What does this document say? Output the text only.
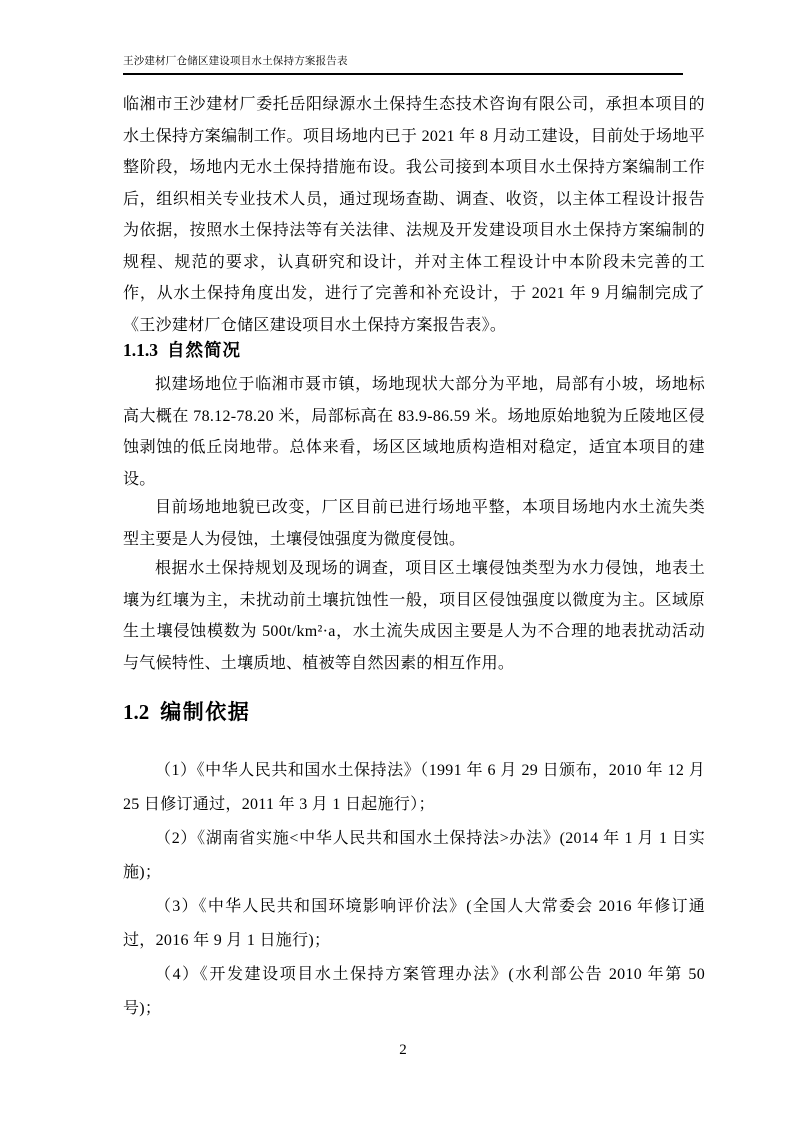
王沙建材厂仓储区建设项目水土保持方案报告表

临湘市王沙建材厂委托岳阳绿源水土保持生态技术咨询有限公司，承担本项目的水土保持方案编制工作。项目场地内已于 2021 年 8 月动工建设，目前处于场地平整阶段，场地内无水土保持措施布设。我公司接到本项目水土保持方案编制工作后，组织相关专业技术人员，通过现场查勘、调查、收资，以主体工程设计报告为依据，按照水土保持法等有关法律、法规及开发建设项目水土保持方案编制的规程、规范的要求，认真研究和设计，并对主体工程设计中本阶段未完善的工作，从水土保持角度出发，进行了完善和补充设计，于 2021 年 9 月编制完成了《王沙建材厂仓储区建设项目水土保持方案报告表》。

1.1.3 自然简况

拟建场地位于临湘市聂市镇，场地现状大部分为平地，局部有小坡，场地标高大概在 78.12-78.20 米，局部标高在 83.9-86.59 米。场地原始地貌为丘陵地区侵蚀剥蚀的低丘岗地带。总体来看，场区区域地质构造相对稳定，适宜本项目的建设。

目前场地地貌已改变，厂区目前已进行场地平整，本项目场地内水土流失类型主要是人为侵蚀，土壤侵蚀强度为微度侵蚀。

根据水土保持规划及现场的调查，项目区土壤侵蚀类型为水力侵蚀，地表土壤为红壤为主，未扰动前土壤抗蚀性一般，项目区侵蚀强度以微度为主。区域原生土壤侵蚀模数为 500t/km²·a，水土流失成因主要是人为不合理的地表扰动活动与气候特性、土壤质地、植被等自然因素的相互作用。

1.2 编制依据

（1）《中华人民共和国水土保持法》（1991 年 6 月 29 日颁布，2010 年 12 月 25 日修订通过，2011 年 3 月 1 日起施行）；

（2）《湖南省实施<中华人民共和国水土保持法>办法》(2014 年 1 月 1 日实施)；

（3）《中华人民共和国环境影响评价法》(全国人大常委会 2016 年修订通过，2016 年 9 月 1 日施行)；

（4）《开发建设项目水土保持方案管理办法》(水利部公告 2010 年第 50 号)；

2
